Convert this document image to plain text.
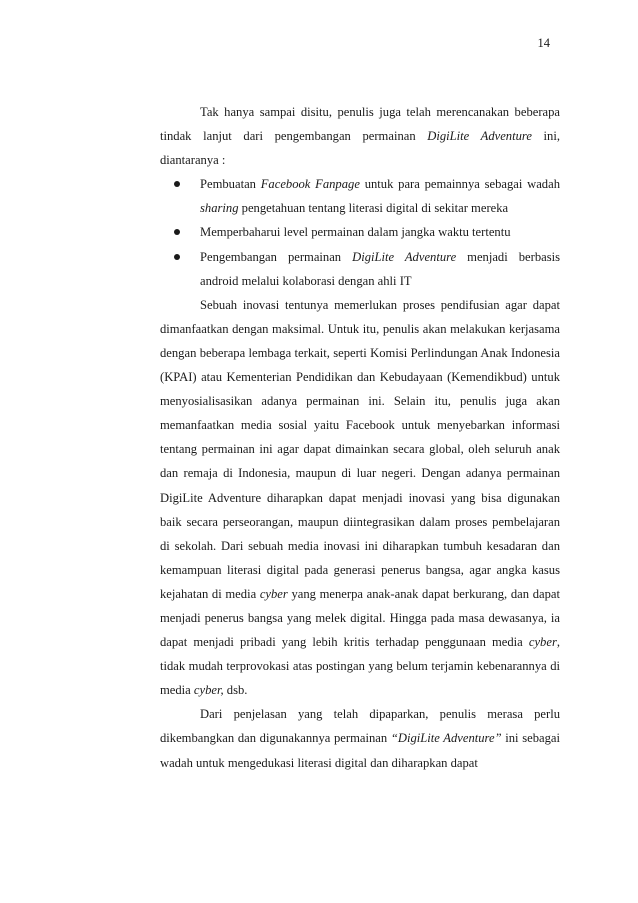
14

Tak hanya sampai disitu, penulis juga telah merencanakan beberapa tindak lanjut dari pengembangan permainan DigiLite Adventure ini, diantaranya :

Pembuatan Facebook Fanpage untuk para pemainnya sebagai wadah sharing pengetahuan tentang literasi digital di sekitar mereka
Memperbaharui level permainan dalam jangka waktu tertentu
Pengembangan permainan DigiLite Adventure menjadi berbasis android melalui kolaborasi dengan ahli IT

Sebuah inovasi tentunya memerlukan proses pendifusian agar dapat dimanfaatkan dengan maksimal. Untuk itu, penulis akan melakukan kerjasama dengan beberapa lembaga terkait, seperti Komisi Perlindungan Anak Indonesia (KPAI) atau Kementerian Pendidikan dan Kebudayaan (Kemendikbud) untuk menyosialisasikan adanya permainan ini. Selain itu, penulis juga akan memanfaatkan media sosial yaitu Facebook untuk menyebarkan informasi tentang permainan ini agar dapat dimainkan secara global, oleh seluruh anak dan remaja di Indonesia, maupun di luar negeri. Dengan adanya permainan DigiLite Adventure diharapkan dapat menjadi inovasi yang bisa digunakan baik secara perseorangan, maupun diintegrasikan dalam proses pembelajaran di sekolah. Dari sebuah media inovasi ini diharapkan tumbuh kesadaran dan kemampuan literasi digital pada generasi penerus bangsa, agar angka kasus kejahatan di media cyber yang menerpa anak-anak dapat berkurang, dan dapat menjadi penerus bangsa yang melek digital. Hingga pada masa dewasanya, ia dapat menjadi pribadi yang lebih kritis terhadap penggunaan media cyber, tidak mudah terprovokasi atas postingan yang belum terjamin kebenarannya di media cyber, dsb.

Dari penjelasan yang telah dipaparkan, penulis merasa perlu dikembangkan dan digunakannya permainan “DigiLite Adventure” ini sebagai wadah untuk mengedukasi literasi digital dan diharapkan dapat
